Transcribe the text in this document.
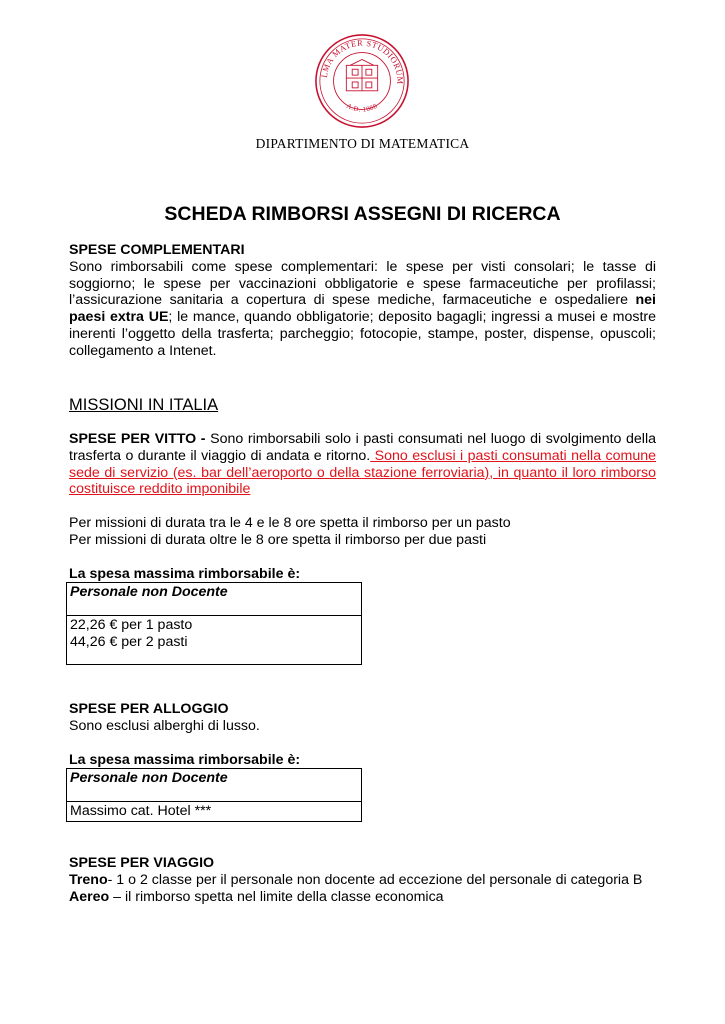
LMA MATER STUDIORUM
A.D. 1088
DIPARTIMENTO DI MATEMATICA
SCHEDA RIMBORSI ASSEGNI DI RICERCA
SPESE COMPLEMENTARI
Sono rimborsabili come spese complementari: le spese per visti consolari; le tasse di soggiorno; le spese per vaccinazioni obbligatorie e spese farmaceutiche per profilassi; l’assicurazione sanitaria a copertura di spese mediche, farmaceutiche e ospedaliere nei paesi extra UE; le mance, quando obbligatorie; deposito bagagli; ingressi a musei e mostre inerenti l’oggetto della trasferta; parcheggio; fotocopie, stampe, poster, dispense, opuscoli; collegamento a Intenet.
MISSIONI IN ITALIA
SPESE PER VITTO - Sono rimborsabili solo i pasti consumati nel luogo di svolgimento della trasferta o durante il viaggio di andata e ritorno. Sono esclusi i pasti consumati nella comune sede di servizio (es. bar dell’aeroporto o della stazione ferroviaria), in quanto il loro rimborso costituisce reddito imponibile
Per missioni di durata tra le 4 e le 8 ore spetta il rimborso per un pasto
Per missioni di durata oltre le 8 ore spetta il rimborso per due pasti
La spesa massima rimborsabile è:
Personale non Docente

22,26 € per 1 pasto
44,26 € per 2 pasti
SPESE PER ALLOGGIO
Sono esclusi alberghi di lusso.
La spesa massima rimborsabile è:
Personale non Docente
Massimo cat. Hotel ***
SPESE PER VIAGGIO
Treno- 1 o 2 classe per il personale non docente ad eccezione del personale di categoria B
Aereo – il rimborso spetta nel limite della classe economica
